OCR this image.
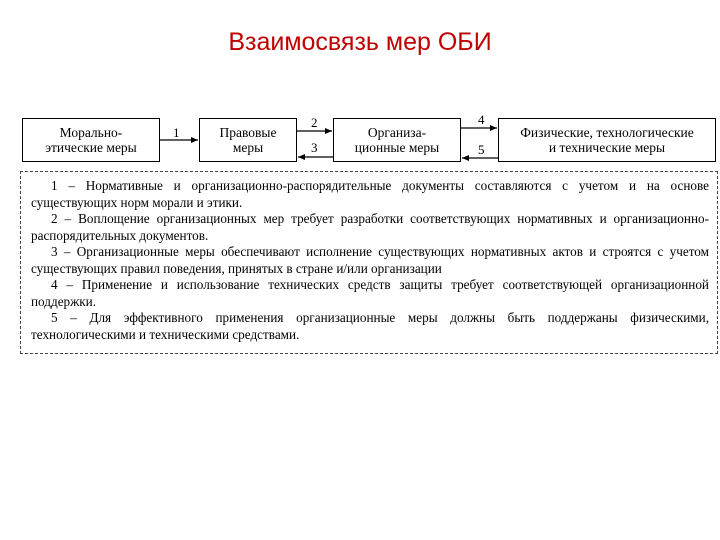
Взаимосвязь мер ОБИ
Морально-
этические меры
Правовые
меры
Организа-
ционные меры
Физические, технологические
и технические меры
1
2
3
4
5

1 – Нормативные и организационно-распорядительные документы составляются с учетом и на основе существующих норм морали и этики.

2 – Воплощение организационных мер требует разработки соответствующих нормативных и организационно-распорядительных документов.

3 – Организационные меры обеспечивают исполнение существующих нормативных актов и строятся с учетом существующих правил поведения, принятых в стране и/или организации

4 – Применение и использование технических средств защиты требует соответствующей организационной поддержки.

5 – Для эффективного применения организационные меры должны быть поддержаны физическими, технологическими и техническими средствами.
